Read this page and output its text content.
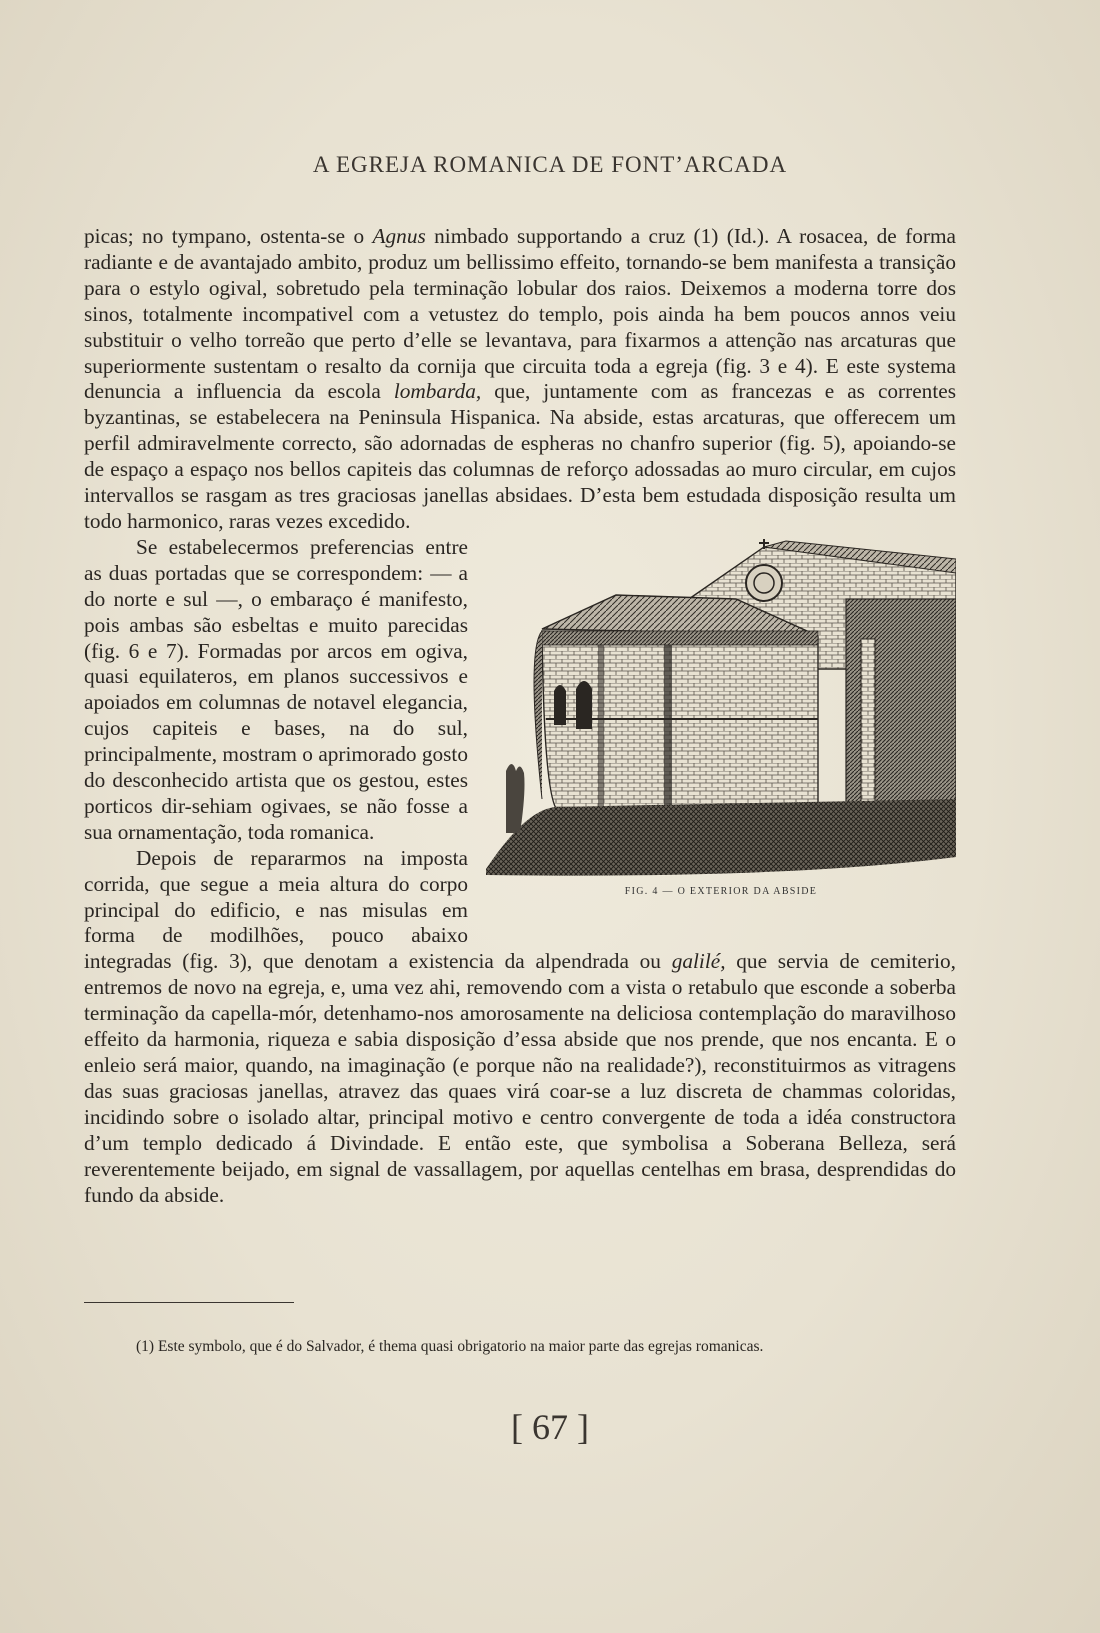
A EGREJA ROMANICA DE FONT’ARCADA

picas; no tympano, ostenta-se o Agnus nimbado supportando a cruz (1) (Id.). A rosacea, de forma radiante e de avantajado ambito, produz um bellissimo effeito, tornando-se bem manifesta a transição para o estylo ogival, sobretudo pela terminação lobular dos raios. Deixemos a moderna torre dos sinos, totalmente incompativel com a vetustez do templo, pois ainda ha bem poucos annos veiu substituir o velho torreão que perto d’elle se levantava, para fixarmos a attenção nas arcaturas que superiormente sustentam o resalto da cornija que circuita toda a egreja (fig. 3 e 4). E este systema denuncia a influencia da escola lombarda, que, juntamente com as francezas e as correntes byzantinas, se estabelecera na Peninsula Hispanica. Na abside, estas arcaturas, que offerecem um perfil admiravelmente correcto, são adornadas de espheras no chanfro superior (fig. 5), apoiando-se de espaço a espaço nos bellos capiteis das columnas de reforço adossadas ao muro circular, em cujos intervallos se rasgam as tres graciosas janellas absidaes. D’esta bem estudada disposição resulta um todo harmonico, raras vezes excedido.

FIG. 4 — O EXTERIOR DA ABSIDE

Se estabelecermos preferencias entre as duas portadas que se correspondem: — a do norte e sul —, o embaraço é manifesto, pois ambas são esbeltas e muito parecidas (fig. 6 e 7). Formadas por arcos em ogiva, quasi equilateros, em planos successivos e apoiados em columnas de notavel elegancia, cujos capiteis e bases, na do sul, principalmente, mostram o aprimorado gosto do desconhecido artista que os gestou, estes porticos dir-sehiam ogivaes, se não fosse a sua ornamentação, toda romanica.

Depois de repararmos na imposta corrida, que segue a meia altura do corpo principal do edificio, e nas misulas em forma de modilhões, pouco abaixo integradas (fig. 3), que denotam a existencia da alpendrada ou galilé, que servia de cemiterio, entremos de novo na egreja, e, uma vez ahi, removendo com a vista o retabulo que esconde a soberba terminação da capella-mór, detenhamo-nos amorosamente na deliciosa contemplação do maravilhoso effeito da harmonia, riqueza e sabia disposição d’essa abside que nos prende, que nos encanta. E o enleio será maior, quando, na imaginação (e porque não na realidade?), reconstituirmos as vitragens das suas graciosas janellas, atravez das quaes virá coar-se a luz discreta de chammas coloridas, incidindo sobre o isolado altar, principal motivo e centro convergente de toda a idéa constructora d’um templo dedicado á Divindade. E então este, que symbolisa a Soberana Belleza, será reverentemente beijado, em signal de vassallagem, por aquellas centelhas em brasa, desprendidas do fundo da abside.

(1) Este symbolo, que é do Salvador, é thema quasi obrigatorio na maior parte das egrejas romanicas.
[ 67 ]
